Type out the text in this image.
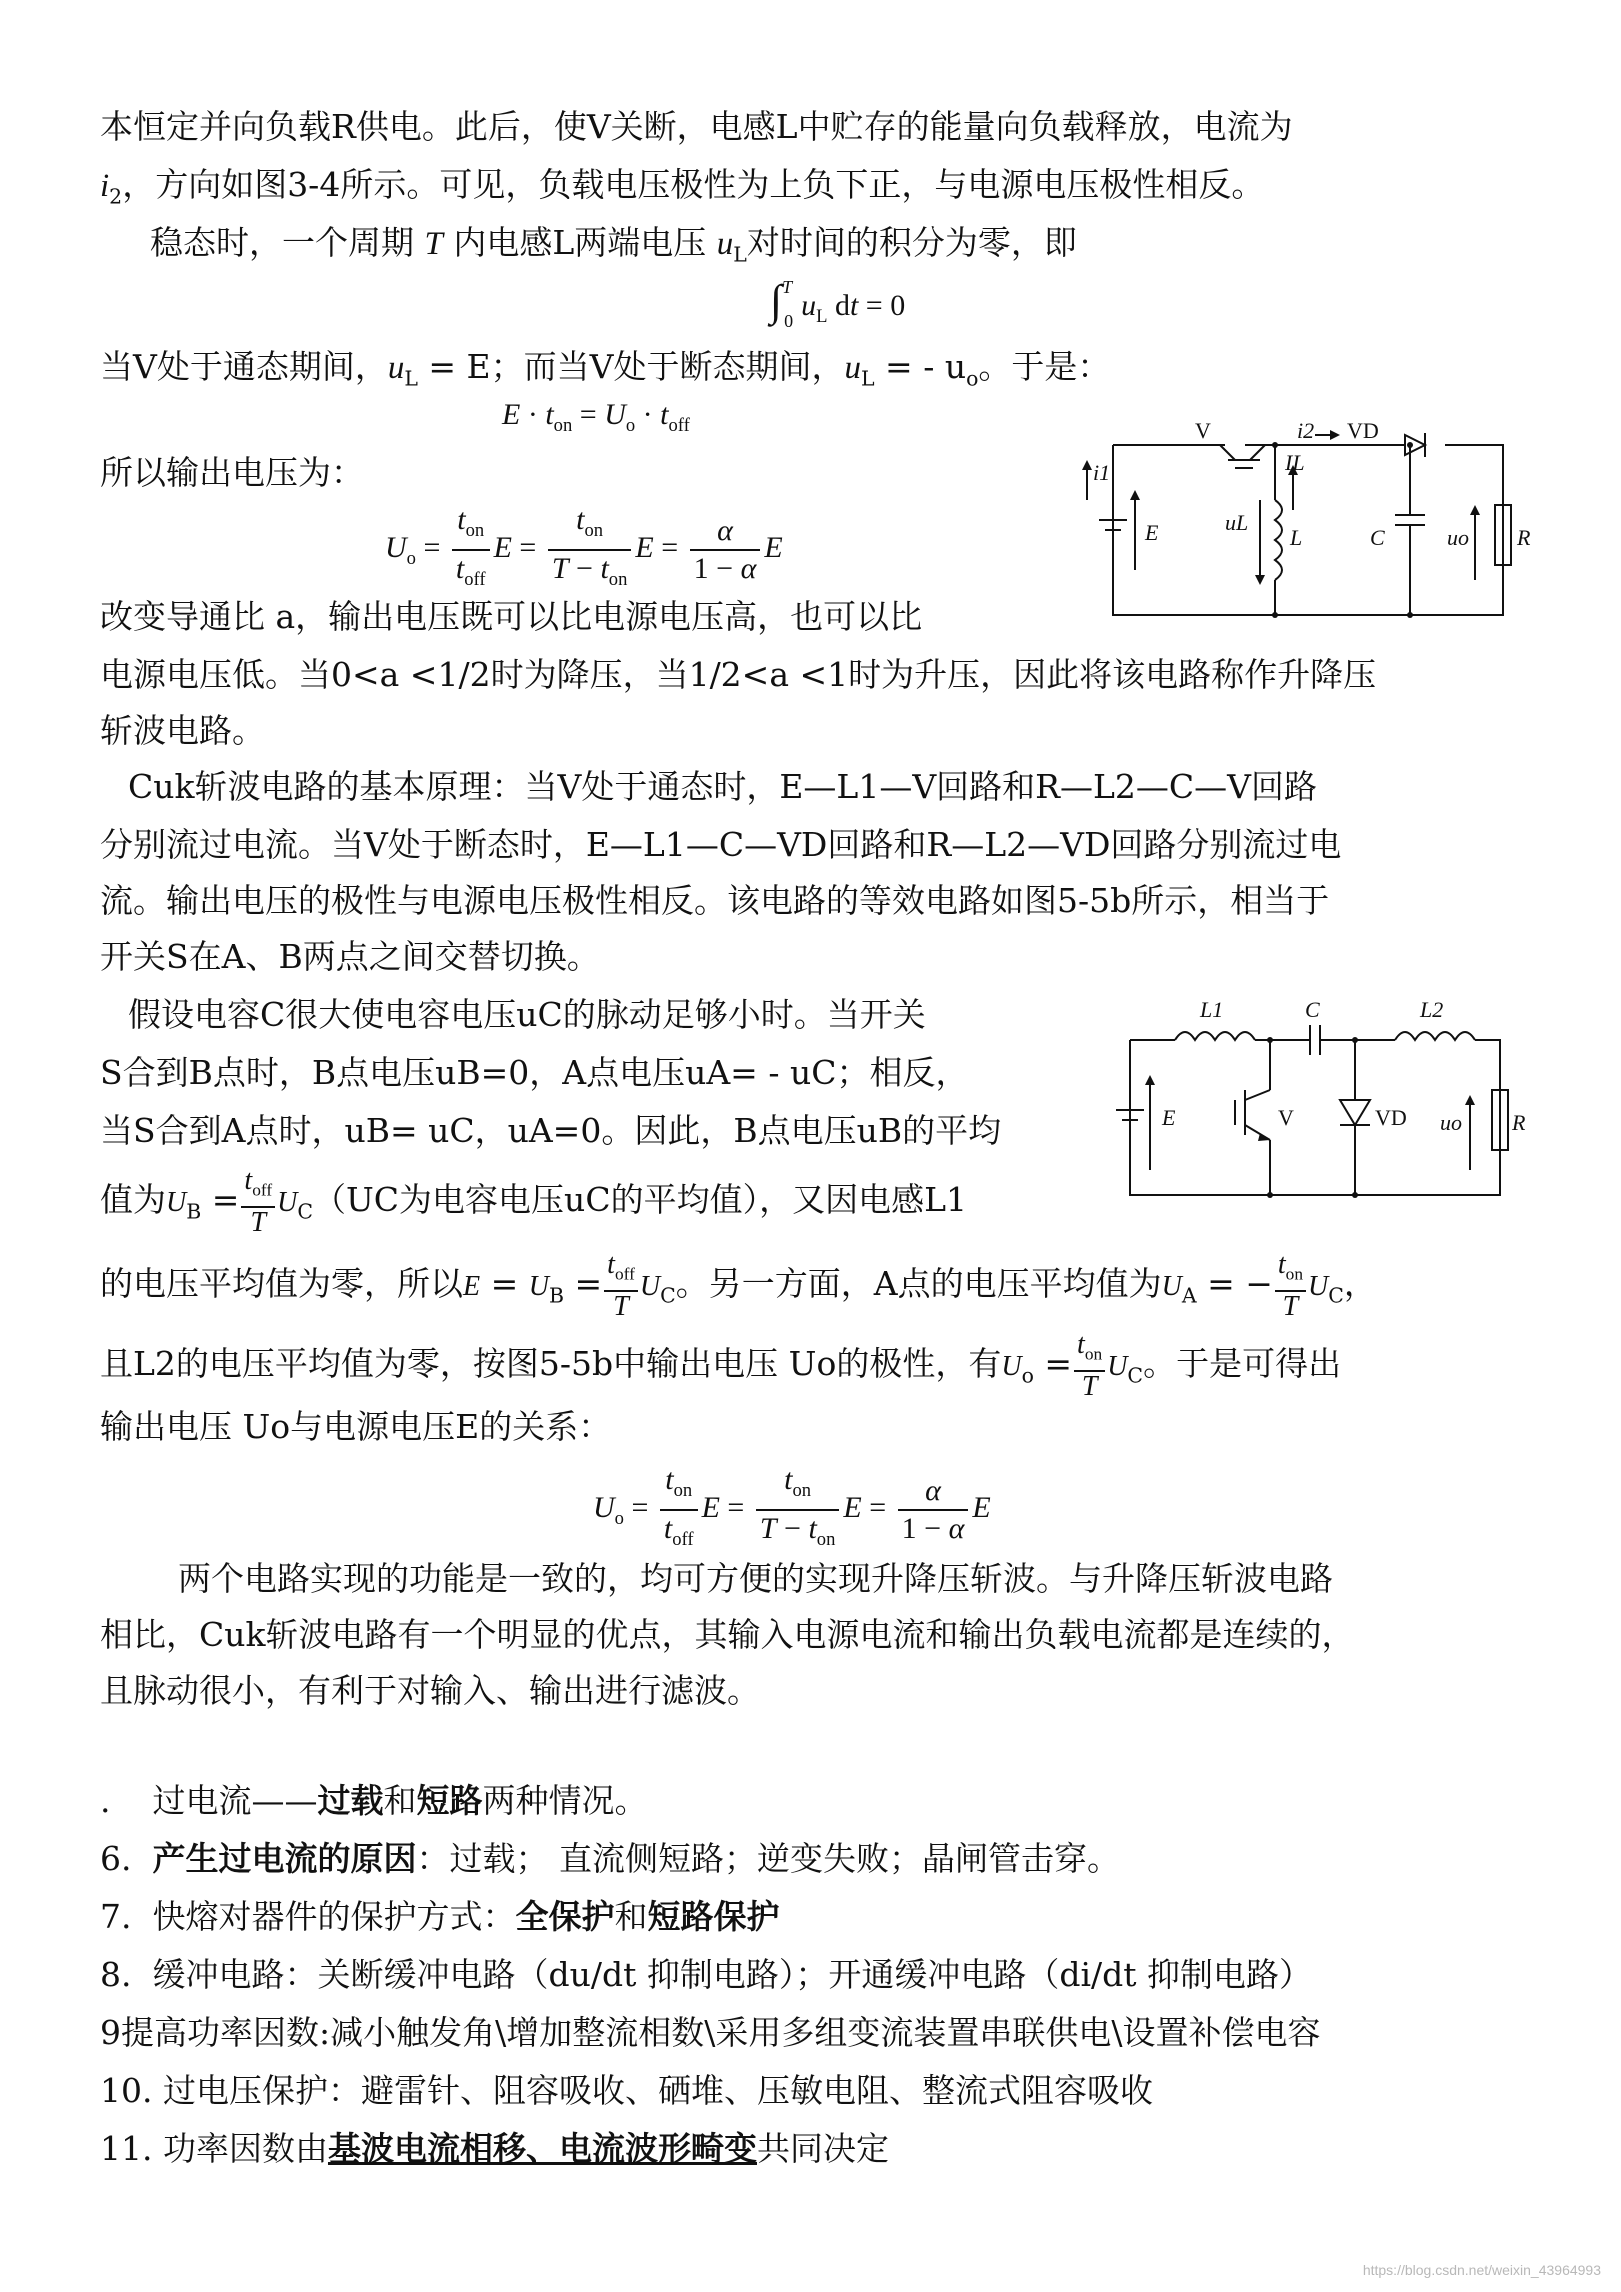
本恒定并向负载R供电。此后，使V关断，电感L中贮存的能量向负载释放，电流为
$i_2$，方向如图3-4所示。可见，负载电压极性为上负下正，与电源电压极性相反。
稳态时，一个周期 T 内电感L两端电压 $u_L$对时间的积分为零，即
∫$^T_0$ $u_L$ dt = 0
当V处于通态期间，$u_L = E$；而当V处于断态期间，$u_L$ = - $u_o$。于是：
$E \cdot t_{on} = U_o \cdot t_{off}$
所以输出电压为：
$U_o = \frac{t_{on}}{t_{off}}$ $E = \frac{t_{on}}{T - t_{on}}$ $E = \frac{\alpha}{1 - \alpha}$ E
V	i2 VD
i1	IL
E	uL
L	C	uo R
改变导通比 a，输出电压既可以比电源电压高，也可以比
电源电压低。当0<a <1/2时为降压，当1/2<a <1时为升压，因此将该电路称作升降压
斩波电路。
Cuk斩波电路的基本原理：当V处于通态时，E—L1—V回路和R—L2—C—V回路
分别流过电流。当V处于断态时，E—L1—C—VD回路和R—L2—VD回路分别流过电
流。输出电压的极性与电源电压极性相反。该电路的等效电路如图5-5b所示，相当于
开关S在A、B两点之间交替切换。
L1	C	L2
E	V	VD uo R
假设电容C很大使电容电压uC的脉动足够小时。当开关
S合到B点时，B点电压uB=0，A点电压uA= - uC；相反，
当S合到A点时，uB= uC，uA=0。因此，B点电压uB的平均
值为$U_B = t_{off}$
T
$U_C(UC$为电容电压uC的平均值），又因电感L1
的电压平均值为零，所以$E = U_B = t_{off}$
T
$U_C$。另一方面，A点的电压平均值为$U_A$ = − $t_{on}$
T
$U_C$，
且L2的电压平均值为零，按图5-5b中输出电压 Uo的极性，有$U_o = t_{on}$
T
$U_C$。于是可得出
输出电压 Uo与电源电压E的关系：
$U_o = \frac{t_{on}}{t_{off}}$ $E = \frac{t_{on}}{T - t_{on}}$ $E = \frac{\alpha}{1 - \alpha}$ E
两个电路实现的功能是一致的，均可方便的实现升降压斩波。与升降压斩波电路
相比，Cuk斩波电路有一个明显的优点，其输入电源电流和输出负载电流都是连续的，
且脉动很小，有利于对输入、输出进行滤波。
. 过电流——过载和短路两种情况。
6. 产生过电流的原因：过载； 直流侧短路；逆变失败；晶闸管击穿。
7. 快熔对器件的保护方式：全保护和短路保护
8. 缓冲电路：关断缓冲电路（du/dt 抑制电路）；开通缓冲电路（di/dt 抑制电路）
9提高功率因数:减小触发角\增加整流相数\采用多组变流装置串联供电\设置补偿电容
10. 过电压保护：避雷针、阻容吸收、硒堆、压敏电阻、整流式阻容吸收
11. 功率因数由基波电流相移、电流波形畸变共同决定
https://blog.csdn.net/weixin_43964993
